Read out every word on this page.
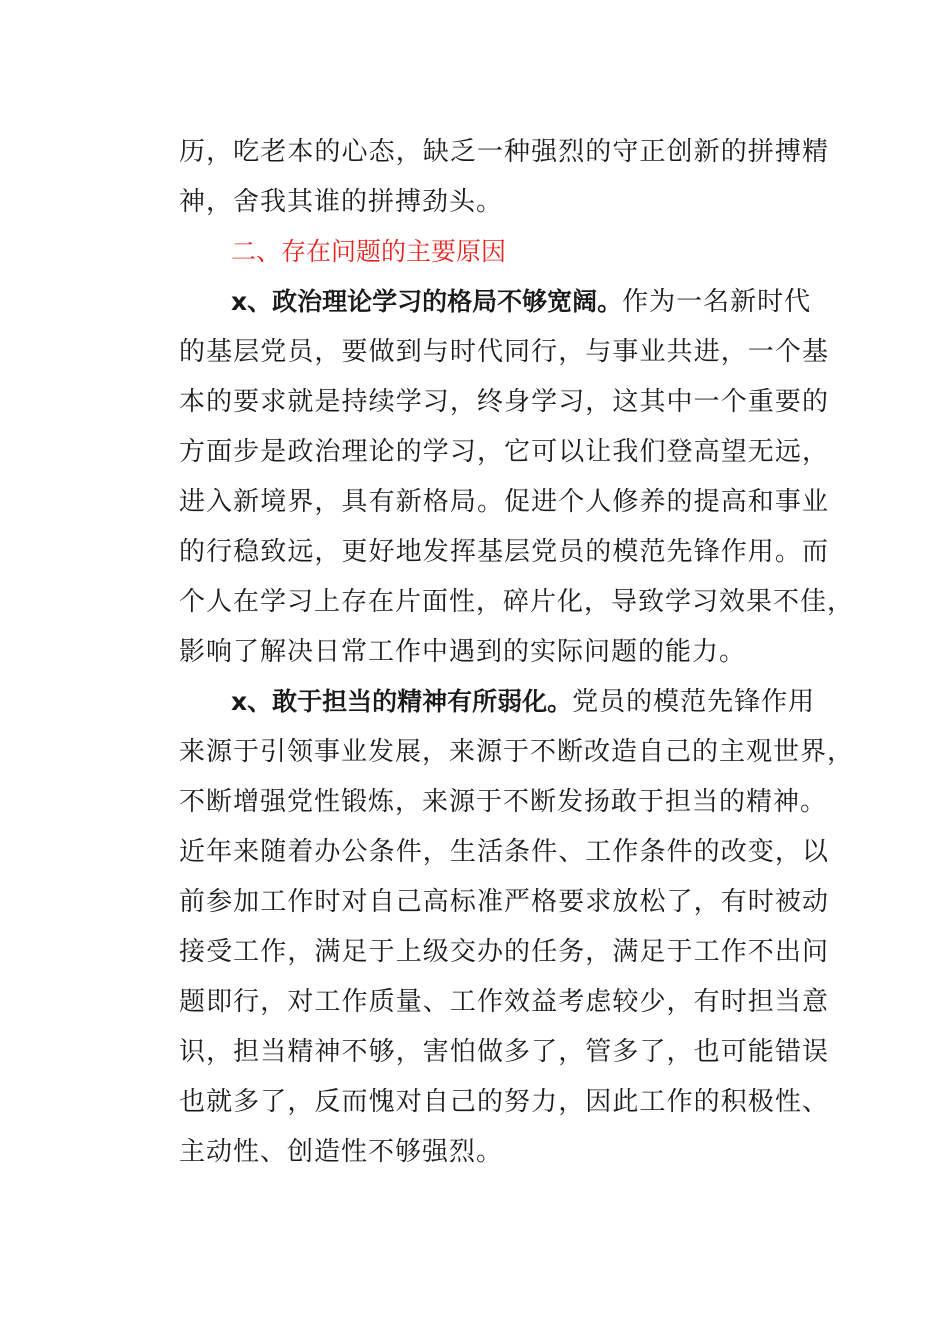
历，吃老本的心态，缺乏一种强烈的守正创新的拼搏精
神，舍我其谁的拼搏劲头。
二、存在问题的主要原因
x、政治理论学习的格局不够宽阔。作为一名新时代
的基层党员，要做到与时代同行，与事业共进，一个基
本的要求就是持续学习，终身学习，这其中一个重要的
方面步是政治理论的学习，它可以让我们登高望无远，
进入新境界，具有新格局。促进个人修养的提高和事业
的行稳致远，更好地发挥基层党员的模范先锋作用。而
个人在学习上存在片面性，碎片化，导致学习效果不佳，
影响了解决日常工作中遇到的实际问题的能力。
x、敢于担当的精神有所弱化。党员的模范先锋作用
来源于引领事业发展，来源于不断改造自己的主观世界，
不断增强党性锻炼，来源于不断发扬敢于担当的精神。
近年来随着办公条件，生活条件、工作条件的改变，以
前参加工作时对自己高标准严格要求放松了，有时被动
接受工作，满足于上级交办的任务，满足于工作不出问
题即行，对工作质量、工作效益考虑较少，有时担当意
识，担当精神不够，害怕做多了，管多了，也可能错误
也就多了，反而愧对自己的努力，因此工作的积极性、
主动性、创造性不够强烈。
